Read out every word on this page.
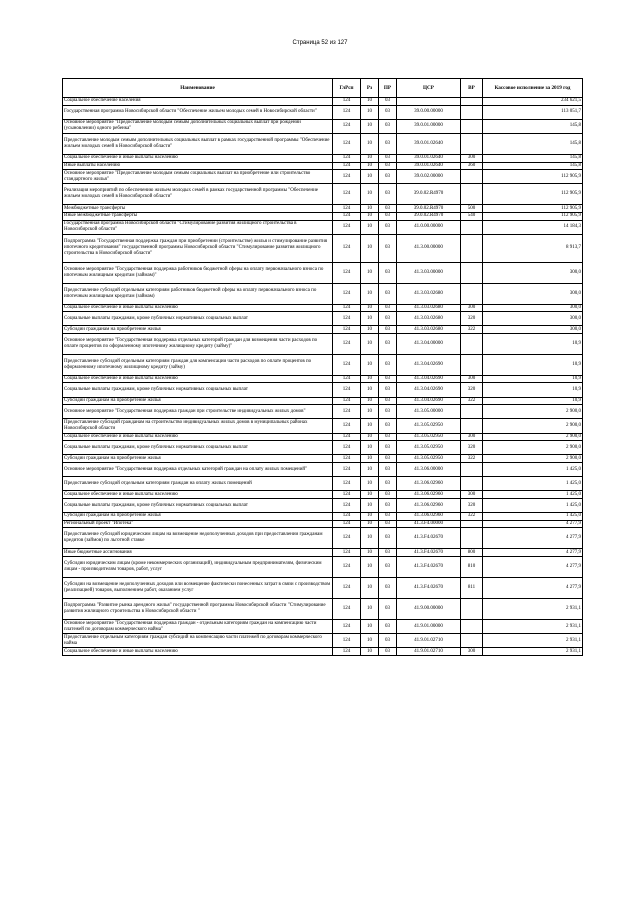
Страница 52 из 127
Наименование	ГлРсп	Рз	ПР	ЦСР	ВР	Кассовое исполнение за 2019 год
Социальное обеспечение населения	124	10	03			234 621,5
Государственная программа Новосибирской области "Обеспечение жильем молодых семей в Новосибирской области"	124	10	03	39.0.00.00000		113 051,7
Основное мероприятие "Предоставление молодым семьям дополнительных социальных выплат при рождении (усыновлении) одного ребенка"	124	10	03	39.0.01.00000		145,8
Предоставление молодым семьям дополнительных социальных выплат в рамках государственной программы "Обеспечение жильем молодых семей в Новосибирской области"	124	10	03	39.0.01.02640		145,8
Социальное обеспечение и иные выплаты населению	124	10	03	39.0.01.02640	300	145,8
Иные выплаты населению	124	10	03	39.0.01.02640	360	145,8
Основное мероприятие "Предоставление молодым семьям социальных выплат на приобретение или строительство стандартного жилья"	124	10	03	39.0.02.00000		112 905,9
Реализация мероприятий по обеспечению жильем молодых семей в рамках государственной программы "Обеспечение жильем молодых семей в Новосибирской области"	124	10	03	39.0.02.R4970		112 905,9
Межбюджетные трансферты	124	10	03	39.0.02.R4970	500	112 905,9
Иные межбюджетные трансферты	124	10	03	39.0.02.R4970	540	112 905,9
Государственная программа Новосибирской области "Стимулирование развития жилищного строительства в Новосибирской области"	124	10	03	41.0.00.00000		14 184,3
Подпрограмма "Государственная поддержка граждан при приобретении (строительстве) жилья и стимулирование развития ипотечного кредитования" государственной программы Новосибирской области "Стимулирование развития жилищного строительства в Новосибирской области"	124	10	03	41.3.00.00000		8 913,7
Основное мероприятие "Государственная поддержка работников бюджетной сферы на оплату первоначального взноса по ипотечным жилищным кредитам (займам)"	124	10	03	41.3.03.00000		300,0
Предоставление субсидий отдельным категориям работников бюджетной сферы на оплату первоначального взноса по ипотечным жилищным кредитам (займам)	124	10	03	41.3.03.02680		300,0
Социальное обеспечение и иные выплаты населению	124	10	03	41.3.03.02680	300	300,0
Социальные выплаты гражданам, кроме публичных нормативных социальных выплат	124	10	03	41.3.03.02680	320	300,0
Субсидии гражданам на приобретение жилья	124	10	03	41.3.03.02680	322	300,0
Основное мероприятие "Государственная поддержка отдельных категорий граждан для возмещения части расходов по оплате процентов по оформленному ипотечному жилищному кредиту (займу)"	124	10	03	41.3.04.00000		10,9
Предоставление субсидий отдельным категориям граждан для компенсации части расходов по оплате процентов по оформленному ипотечному жилищному кредиту (займу)	124	10	03	41.3.04.02690		10,9
Социальное обеспечение и иные выплаты населению	124	10	03	41.3.04.02690	300	10,9
Социальные выплаты гражданам, кроме публичных нормативных социальных выплат	124	10	03	41.3.04.02690	320	10,9
Субсидии гражданам на приобретение жилья	124	10	03	41.3.04.02690	322	10,9
Основное мероприятие "Государственная поддержка граждан при строительстве индивидуальных жилых домов"	124	10	03	41.3.05.00000		2 900,0
Предоставление субсидий гражданам на строительство индивидуальных жилых домов в муниципальных районах Новосибирской области	124	10	03	41.3.05.02950		2 900,0
Социальное обеспечение и иные выплаты населению	124	10	03	41.3.05.02950	300	2 900,0
Социальные выплаты гражданам, кроме публичных нормативных социальных выплат	124	10	03	41.3.05.02950	320	2 900,0
Субсидии гражданам на приобретение жилья	124	10	03	41.3.05.02950	322	2 900,0
Основное мероприятие "Государственная поддержка отдельных категорий граждан на оплату жилых помещений"	124	10	03	41.3.06.00000		1 425,0
Предоставление субсидий отдельным категориям граждан на оплату жилых помещений	124	10	03	41.3.06.02960		1 425,0
Социальное обеспечение и иные выплаты населению	124	10	03	41.3.06.02960	300	1 425,0
Социальные выплаты гражданам, кроме публичных нормативных социальных выплат	124	10	03	41.3.06.02960	320	1 425,0
Субсидии гражданам на приобретение жилья	124	10	03	41.3.06.02960	322	1 425,0
Региональный проект "Ипотека"	124	10	03	41.3.F4.00000		4 277,9
Предоставление субсидий юридическим лицам на возмещение недополученных доходов при предоставлении гражданам кредитов (займов) по льготной ставке	124	10	03	41.3.F4.02670		4 277,9
Иные бюджетные ассигнования	124	10	03	41.3.F4.02670	800	4 277,9
Субсидии юридическим лицам (кроме некоммерческих организаций), индивидуальным предпринимателям, физическим лицам - производителям товаров, работ, услуг	124	10	03	41.3.F4.02670	810	4 277,9
Субсидии на возмещение недополученных доходов или возмещение фактически понесенных затрат в связи с производством (реализацией) товаров, выполнением работ, оказанием услуг	124	10	03	41.3.F4.02670	811	4 277,9
Подпрограмма "Развитие рынка арендного жилья" государственной программы Новосибирской области "Стимулирование развития жилищного строительства в Новосибирской области "	124	10	03	41.9.00.00000		2 931,1
Основное мероприятие "Государственная поддержка граждан - отдельным категориям граждан на компенсацию части платежей по договорам коммерческого найма"	124	10	03	41.9.01.00000		2 931,1
Предоставление отдельным категориям граждан субсидий на компенсацию части платежей по договорам коммерческого найма	124	10	03	41.9.01.02710		2 931,1
Социальное обеспечение и иные выплаты населению	124	10	03	41.9.01.02710	300	2 931,1
